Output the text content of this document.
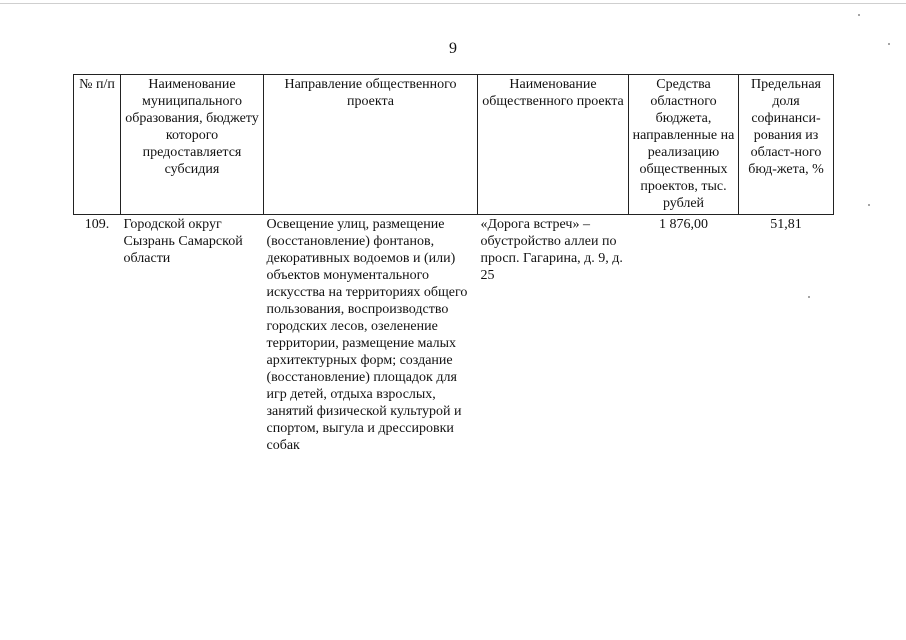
9
№ п/п	Наименование муниципального образования, бюджету которого предоставляется субсидия	Направление общественного проекта	Наименование общественного проекта	Средства областного бюджета, направленные на реализацию общественных проектов, тыс. рублей	Предельная доля софинанси-рования из област-ного бюд-жета, %
109.	Городской округ Сызрань Самарской области	Освещение улиц, размещение (восстановление) фонтанов, декоративных водоемов и (или) объектов монументального искусства на территориях общего пользования, воспроизводство городских лесов, озеленение территории, размещение малых архитектурных форм; создание (восстановление) площадок для игр детей, отдыха взрослых, занятий физической культурой и спортом, выгула и дрессировки собак	«Дорога встреч» – обустройство аллеи по просп. Гагарина, д. 9, д. 25	1 876,00	51,81
